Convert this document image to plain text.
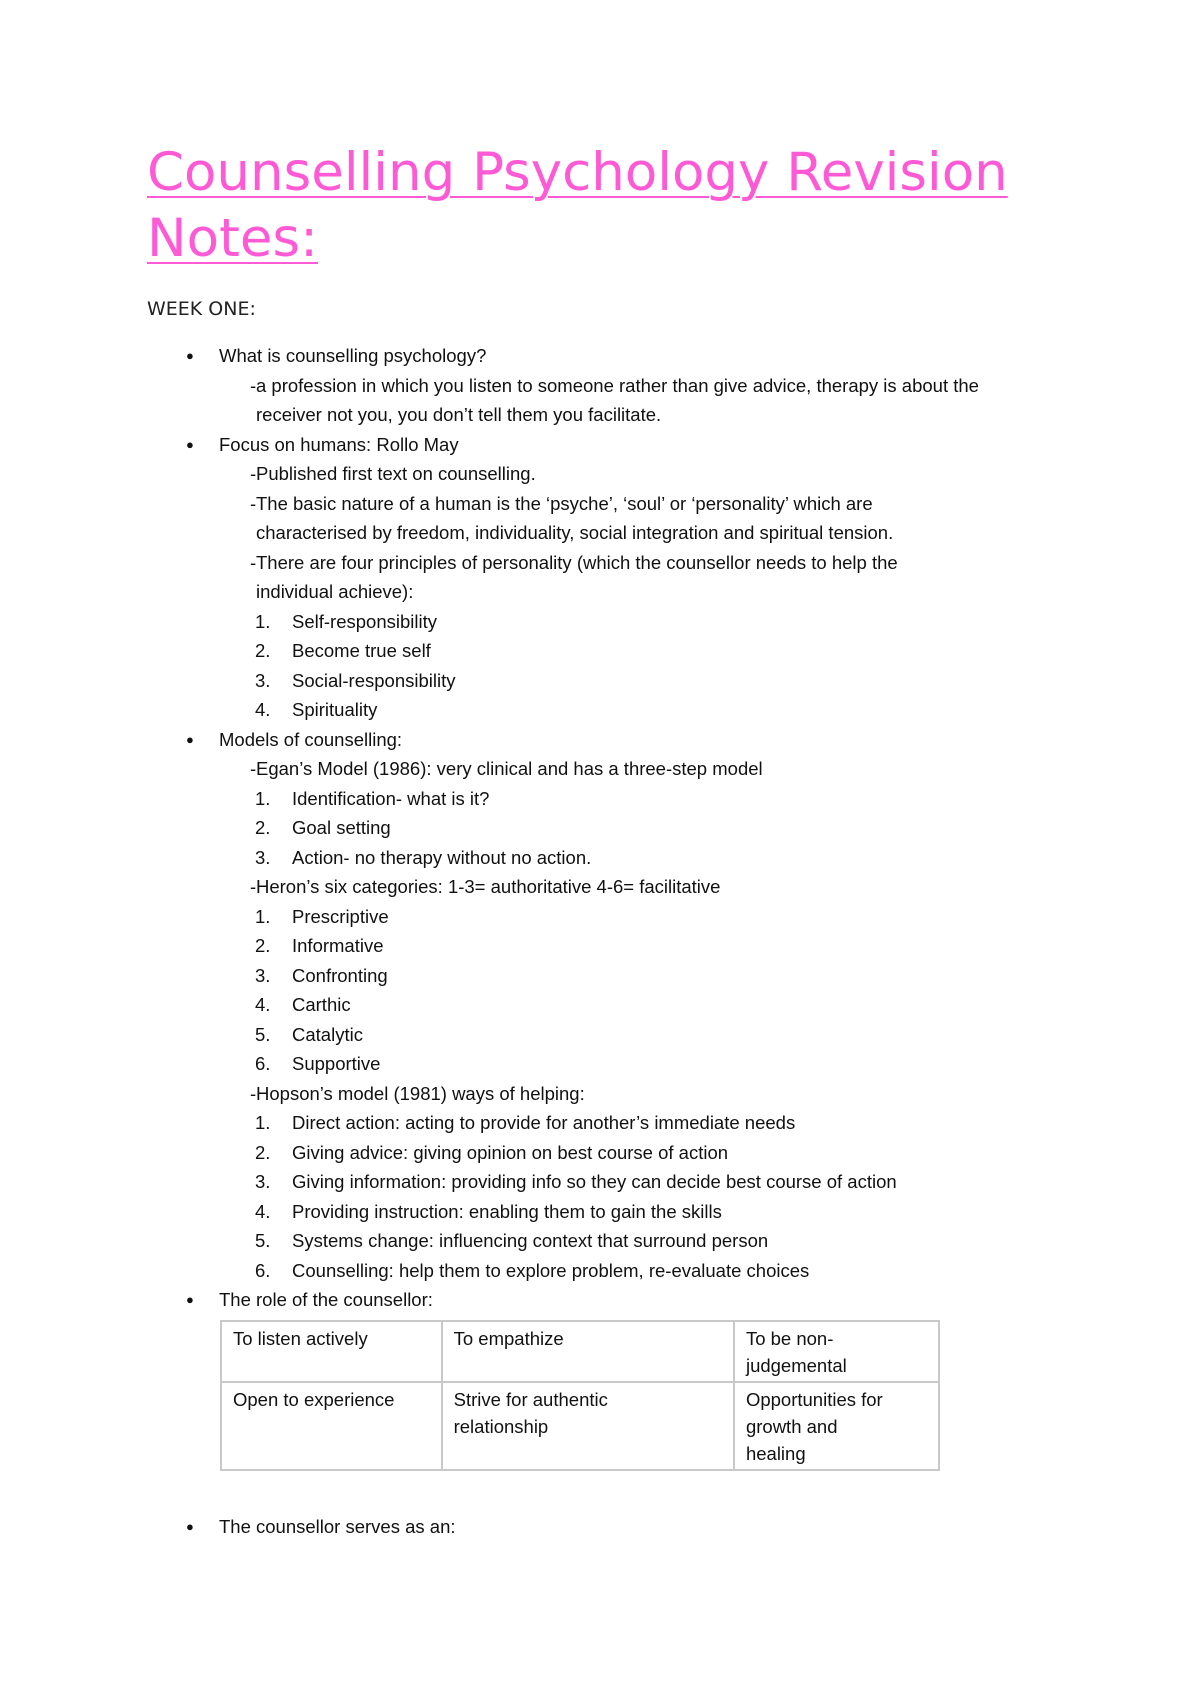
Counselling Psychology Revision
Notes:

WEEK ONE:

● What is counselling psychology?
- a profession in which you listen to someone rather than give advice, therapy is about the
receiver not you, you don’t tell them you facilitate.
● Focus on humans: Rollo May
- Published first text on counselling.
- The basic nature of a human is the ‘psyche’, ‘soul’ or ‘personality’ which are
characterised by freedom, individuality, social integration and spiritual tension.
- There are four principles of personality (which the counsellor needs to help the
individual achieve):
1. Self-responsibility
2. Become true self
3. Social-responsibility
4. Spirituality
● Models of counselling:
- Egan’s Model (1986): very clinical and has a three-step model
1. Identification- what is it?
2. Goal setting
3. Action- no therapy without no action.
- Heron’s six categories: 1-3= authoritative 4-6= facilitative
1. Prescriptive
2. Informative
3. Confronting
4. Carthic
5. Catalytic
6. Supportive
- Hopson’s model (1981) ways of helping:
1. Direct action: acting to provide for another’s immediate needs
2. Giving advice: giving opinion on best course of action
3. Giving information: providing info so they can decide best course of action
4. Providing instruction: enabling them to gain the skills
5. Systems change: influencing context that surround person
6. Counselling: help them to explore problem, re-evaluate choices
● The role of the counsellor:
To listen actively	To empathize	To be non-
judgemental
Open to experience	Strive for authentic
relationship	Opportunities for
growth and
healing
● The counsellor serves as an:
